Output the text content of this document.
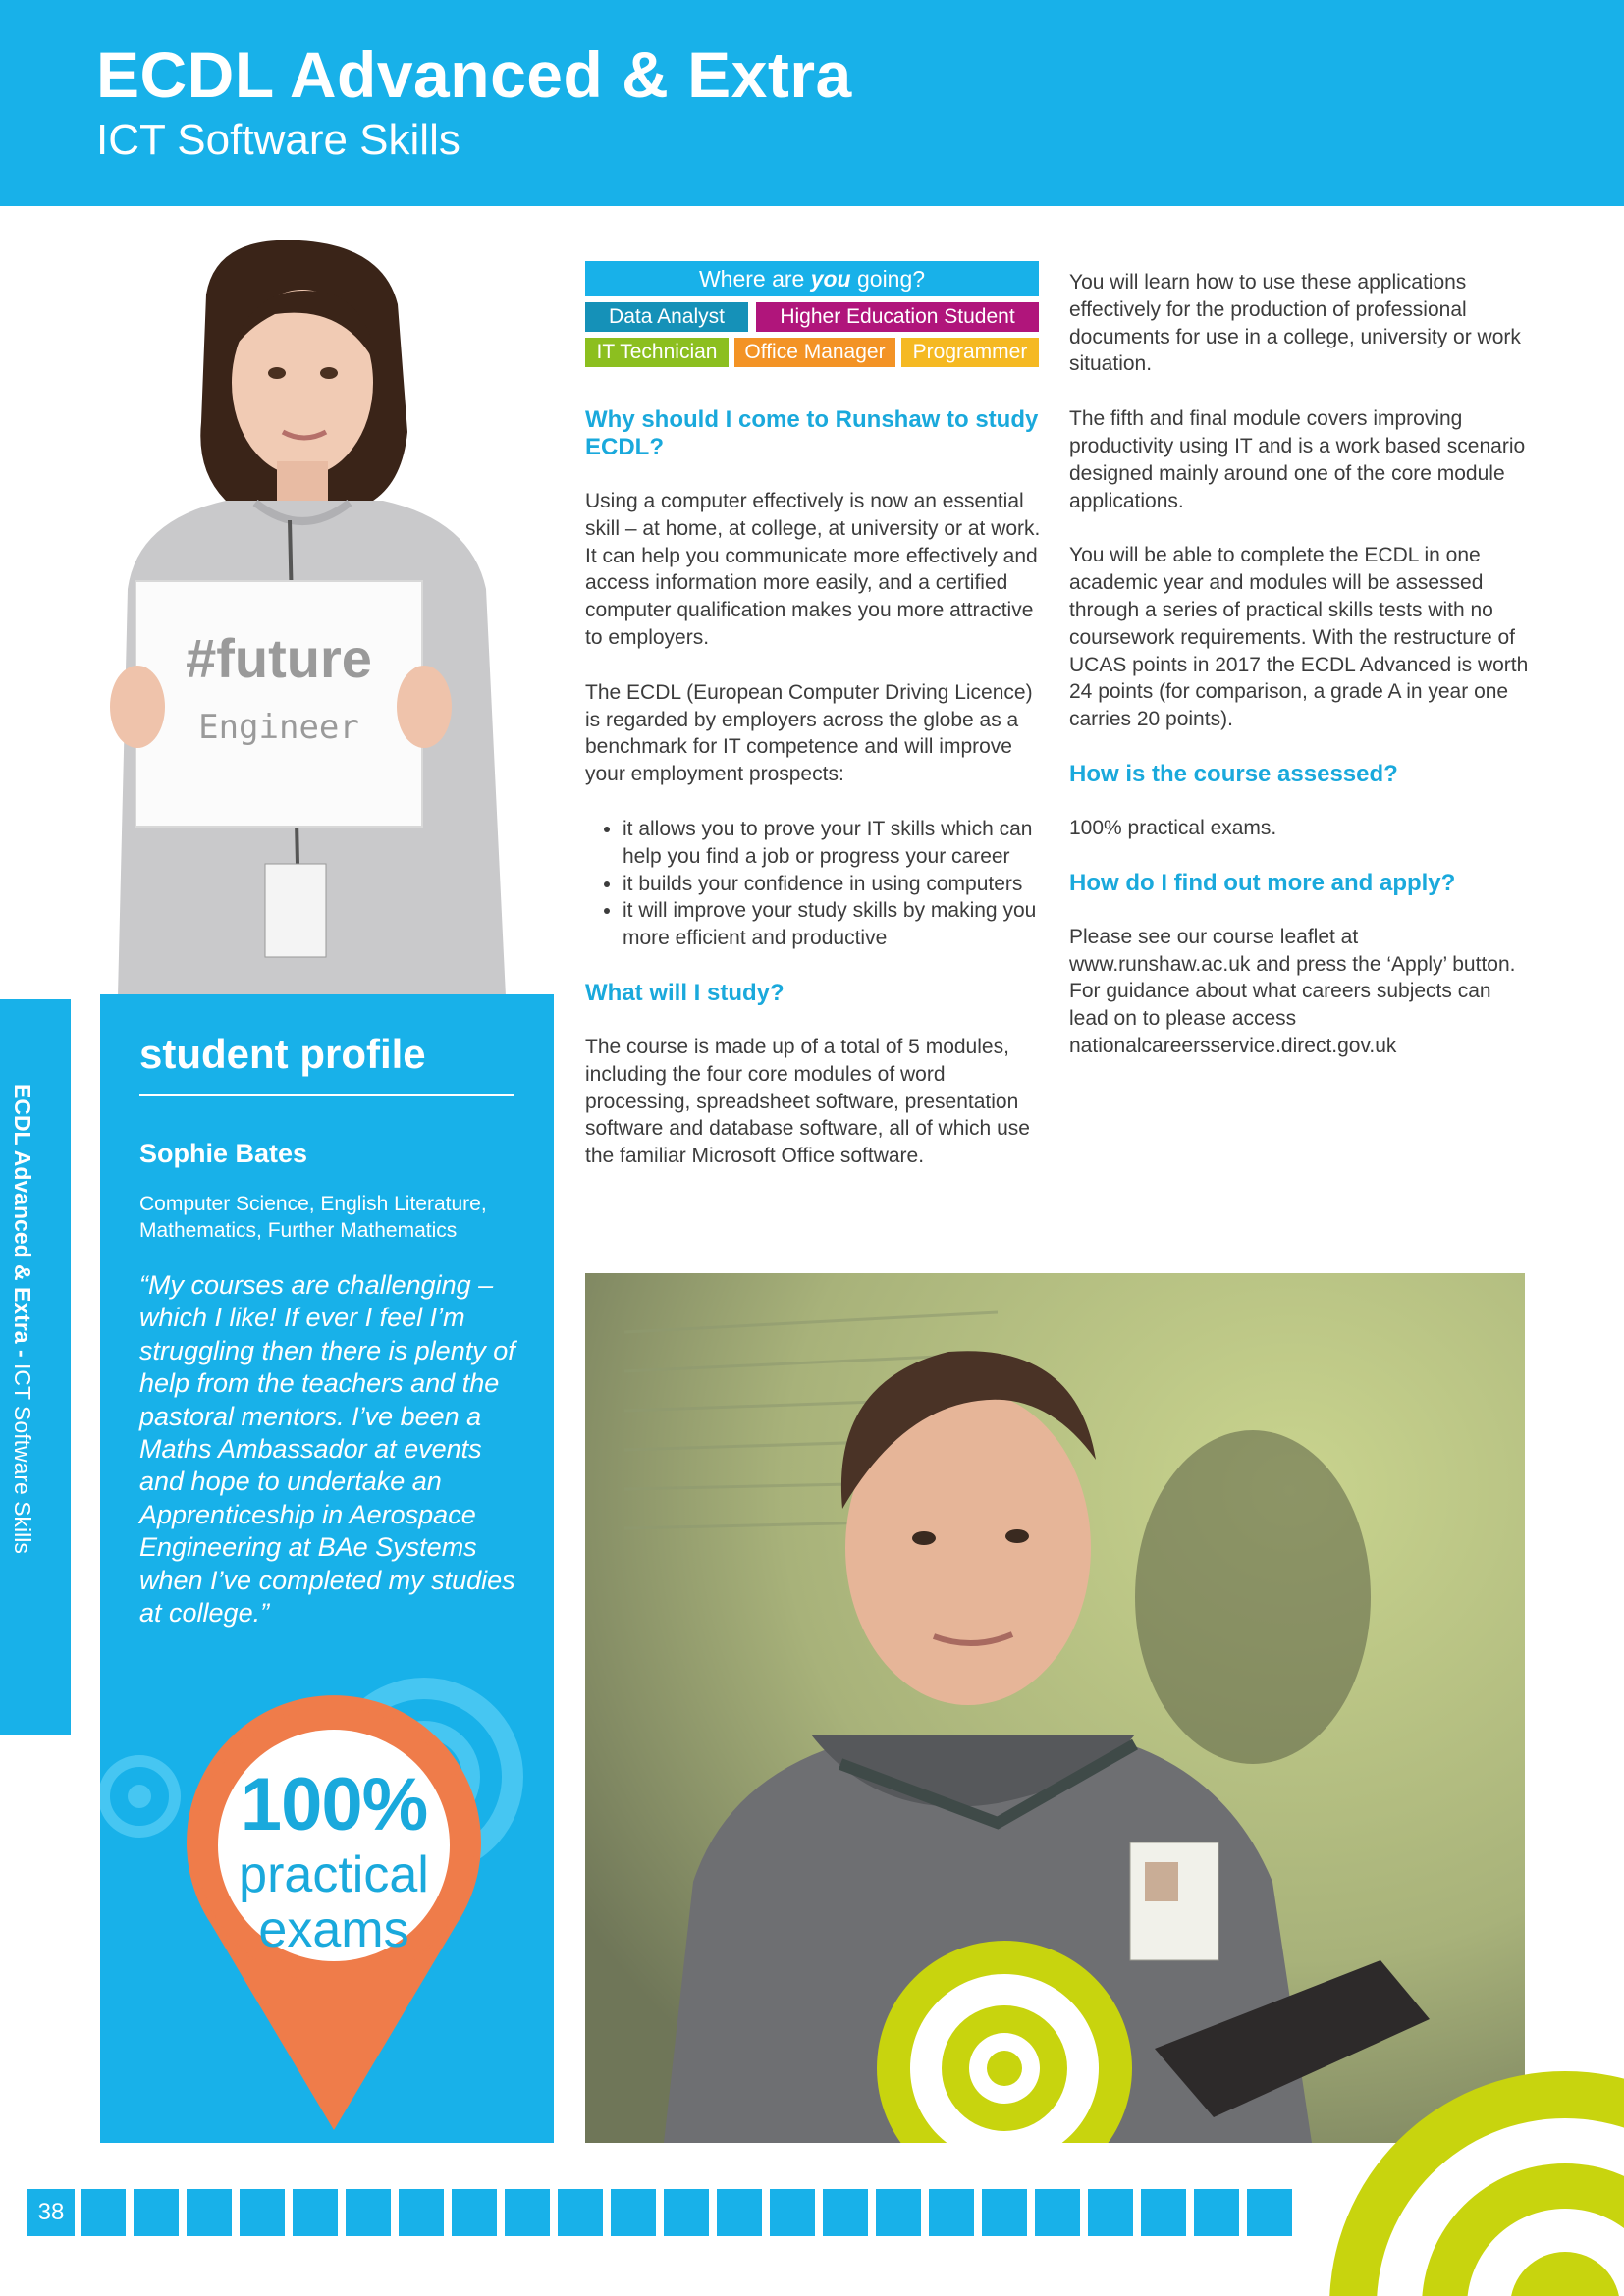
ECDL Advanced & Extra
ICT Software Skills
#future
Engineer
Where are you going?
Data Analyst	Higher Education Student
IT Technician	Office Manager	Programmer
Why should I come to Runshaw to study ECDL?

Using a computer effectively is now an essential skill – at home, at college, at university or at work. It can help you communicate more effectively and access information more easily, and a certified computer qualification makes you more attractive to employers.

The ECDL (European Computer Driving Licence) is regarded by employers across the globe as a benchmark for IT competence and will improve your employment prospects:

• it allows you to prove your IT skills which can help you find a job or progress your career
• it builds your confidence in using computers
• it will improve your study skills by making you more efficient and productive
What will I study?

The course is made up of a total of 5 modules, including the four core modules of word processing, spreadsheet software, presentation software and database software, all of which use the familiar Microsoft Office software.

You will learn how to use these applications effectively for the production of professional documents for use in a college, university or work situation.

The fifth and final module covers improving productivity using IT and is a work based scenario designed mainly around one of the core module applications.

You will be able to complete the ECDL in one academic year and modules will be assessed through a series of practical skills tests with no coursework requirements. With the restructure of UCAS points in 2017 the ECDL Advanced is worth 24 points (for comparison, a grade A in year one carries 20 points).

How is the course assessed?

100% practical exams.

How do I find out more and apply?

Please see our course leaflet at www.runshaw.ac.uk and press the ‘Apply’ button. For guidance about what careers subjects can lead on to please access nationalcareersservice.direct.gov.uk

ECDL Advanced & Extra - ICT Software Skills
student profile
Sophie Bates
Computer Science, English Literature, Mathematics, Further Mathematics
“My courses are challenging – which I like! If ever I feel I’m struggling then there is plenty of help from the teachers and the pastoral mentors. I’ve been a Maths Ambassador at events and hope to undertake an Apprenticeship in Aerospace Engineering at BAe Systems when I’ve completed my studies at college.”
100%
practical
exams
38
